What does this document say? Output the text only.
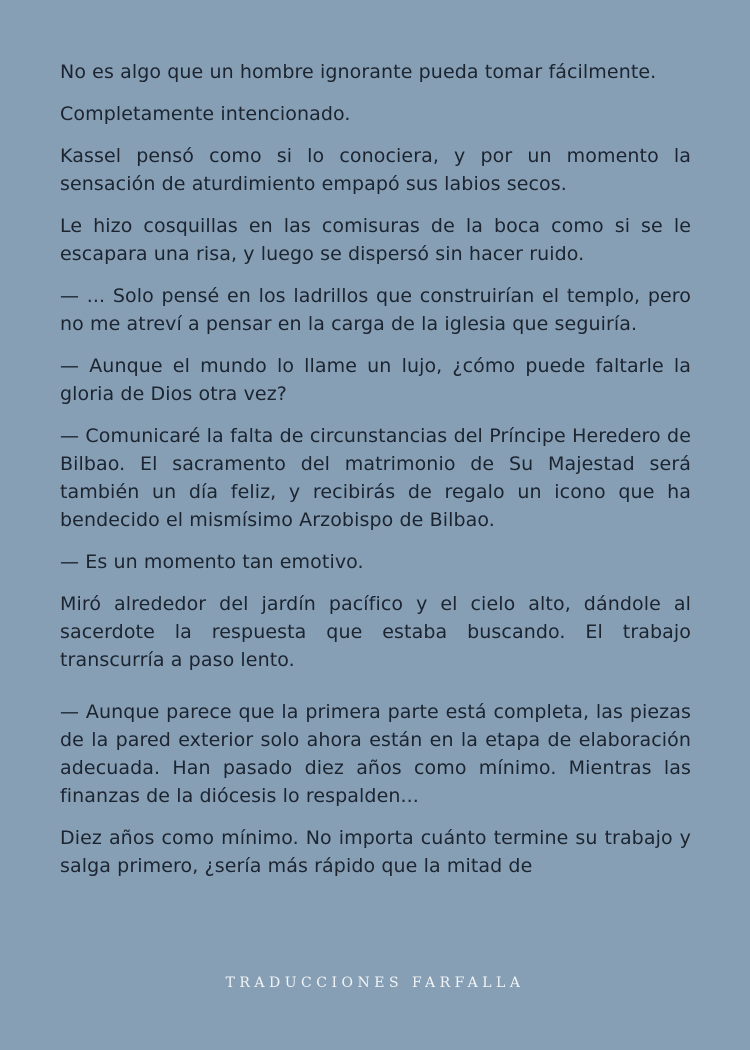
No es algo que un hombre ignorante pueda tomar fácilmente.

Completamente intencionado.

Kassel pensó como si lo conociera, y por un momento la sensación de aturdimiento empapó sus labios secos.

Le hizo cosquillas en las comisuras de la boca como si se le escapara una risa, y luego se dispersó sin hacer ruido.

— ... Solo pensé en los ladrillos que construirían el templo, pero no me atreví a pensar en la carga de la iglesia que seguiría.

— Aunque el mundo lo llame un lujo, ¿cómo puede faltarle la gloria de Dios otra vez?

— Comunicaré la falta de circunstancias del Príncipe Heredero de Bilbao. El sacramento del matrimonio de Su Majestad será también un día feliz, y recibirás de regalo un icono que ha bendecido el mismísimo Arzobispo de Bilbao.

— Es un momento tan emotivo.

Miró alrededor del jardín pacífico y el cielo alto, dándole al sacerdote la respuesta que estaba buscando. El trabajo transcurría a paso lento.

— Aunque parece que la primera parte está completa, las piezas de la pared exterior solo ahora están en la etapa de elaboración adecuada. Han pasado diez años como mínimo. Mientras las finanzas de la diócesis lo respalden...

Diez años como mínimo. No importa cuánto termine su trabajo y salga primero, ¿sería más rápido que la mitad de

TRADUCCIONES FARFALLA
